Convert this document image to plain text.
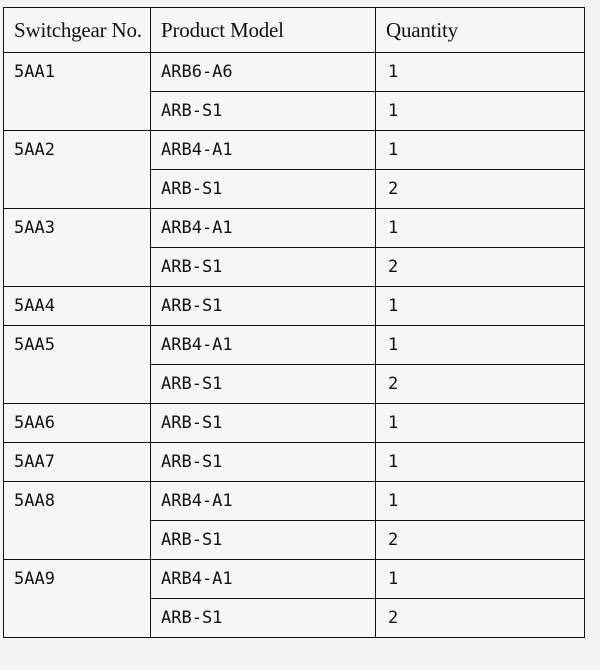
Switchgear No.	Product Model	Quantity
5AA1	ARB6-A6	1
	ARB-S1	1
5AA2	ARB4-A1	1
	ARB-S1	2
5AA3	ARB4-A1	1
	ARB-S1	2
5AA4	ARB-S1	1
5AA5	ARB4-A1	1
	ARB-S1	2
5AA6	ARB-S1	1
5AA7	ARB-S1	1
5AA8	ARB4-A1	1
	ARB-S1	2
5AA9	ARB4-A1	1
	ARB-S1	2
